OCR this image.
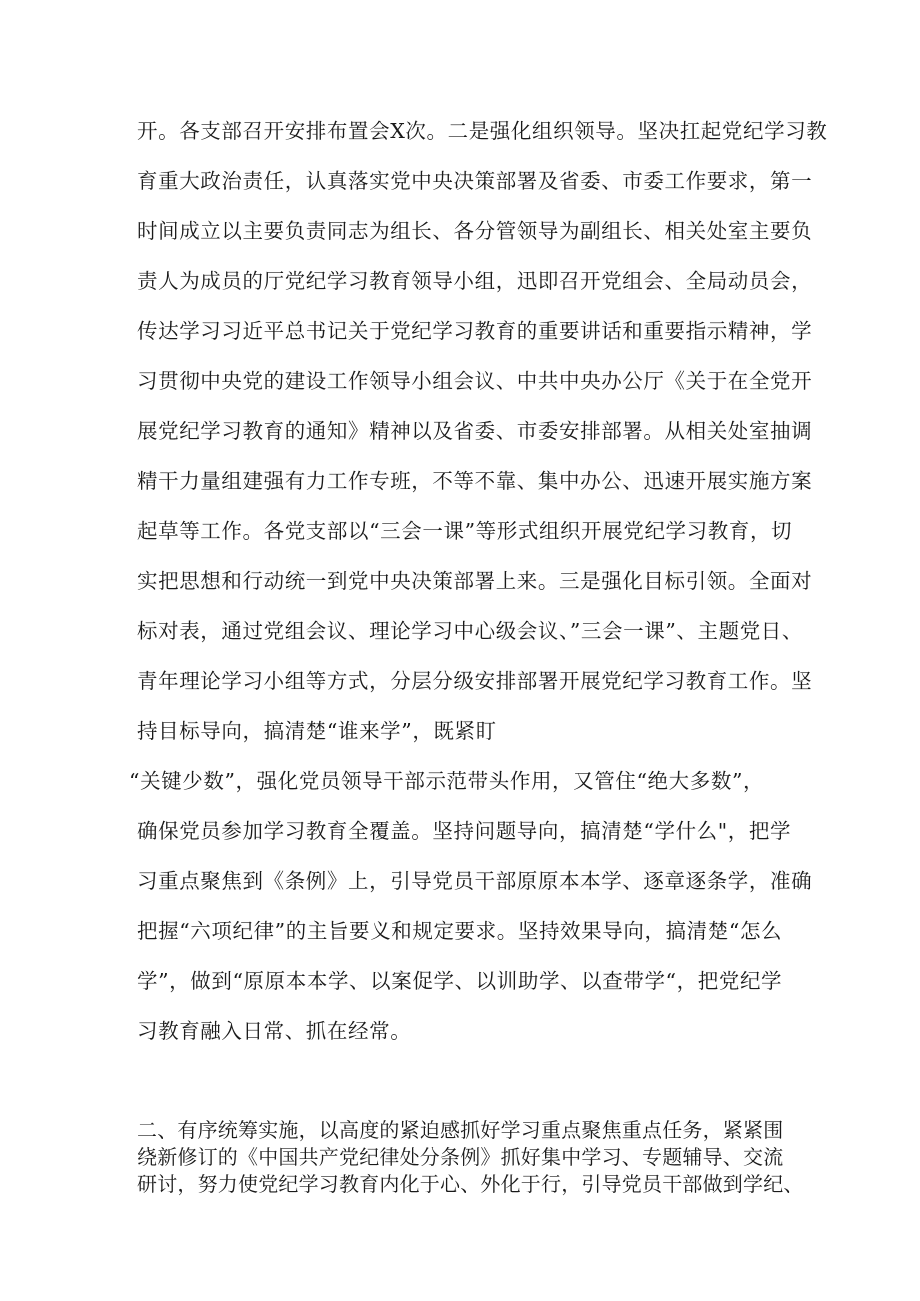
开。各支部召开安排布置会X次。二是强化组织领导。坚决扛起党纪学习教
育重大政治责任，认真落实党中央决策部署及省委、市委工作要求，第一
时间成立以主要负责同志为组长、各分管领导为副组长、相关处室主要负
责人为成员的厅党纪学习教育领导小组，迅即召开党组会、全局动员会，
传达学习习近平总书记关于党纪学习教育的重要讲话和重要指示精神，学
习贯彻中央党的建设工作领导小组会议、中共中央办公厅《关于在全党开
展党纪学习教育的通知》精神以及省委、市委安排部署。从相关处室抽调
精干力量组建强有力工作专班，不等不靠、集中办公、迅速开展实施方案
起草等工作。各党支部以“三会一课”等形式组织开展党纪学习教育，切
实把思想和行动统一到党中央决策部署上来。三是强化目标引领。全面对
标对表，通过党组会议、理论学习中心级会议、”三会一课”、主题党日、
青年理论学习小组等方式，分层分级安排部署开展党纪学习教育工作。坚
持目标导向，搞清楚“谁来学”，既紧盯
“关键少数”，强化党员领导干部示范带头作用，又管住“绝大多数”，
确保党员参加学习教育全覆盖。坚持问题导向，搞清楚“学什么"，把学
习重点聚焦到《条例》上，引导党员干部原原本本学、逐章逐条学，准确
把握“六项纪律”的主旨要义和规定要求。坚持效果导向，搞清楚“怎么
学”，做到“原原本本学、以案促学、以训助学、以查带学“，把党纪学
习教育融入日常、抓在经常。
二、有序统筹实施，以高度的紧迫感抓好学习重点聚焦重点任务，紧紧围
绕新修订的《中国共产党纪律处分条例》抓好集中学习、专题辅导、交流
研讨，努力使党纪学习教育内化于心、外化于行，引导党员干部做到学纪、
